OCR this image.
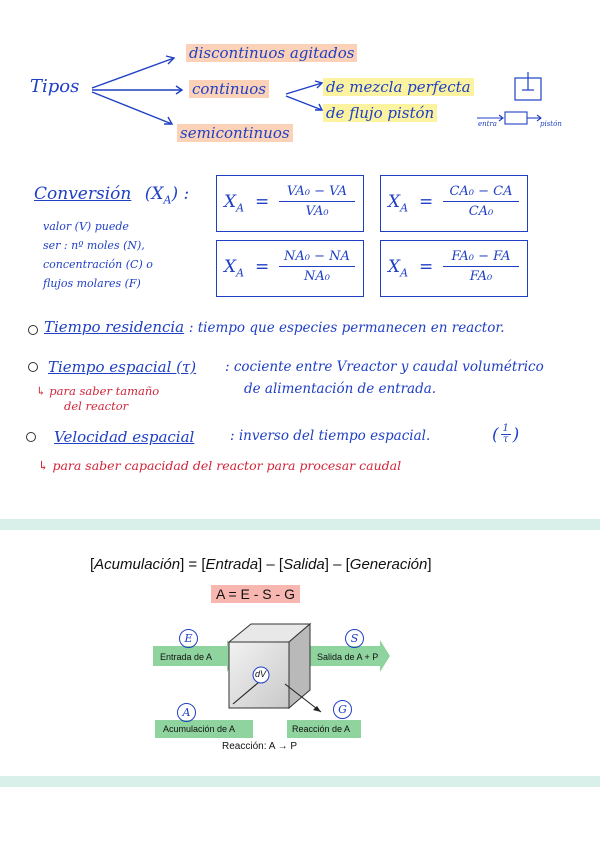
Tipos
discontinuos agitados
continuos
semicontinuos
de mezcla perfecta
de flujo pistón
entra	pistón
Conversión $(X_A)$ :
valor (V) puede
ser : nº moles (N),
concentración (C) o
flujos molares (F)
$X_A$ =
VA₀ − VA
VA₀	$X_A$ =
CA₀ − CA
CA₀
$X_A$ =
NA₀ − NA
NA₀	$X_A$ =
FA₀ − FA
FA₀
Tiempo residencia : tiempo que especies permanecen en reactor.
Tiempo espacial (τ) : cociente entre Vreactor y caudal volumétrico
de alimentación de entrada.
↳ para saber tamaño
del reactor
Velocidad espacial	: inverso del tiempo espacial.	( 1
τ )
↳ para saber capacidad del reactor para procesar caudal
[Acumulación] = [Entrada] – [Salida] – [Generación]
A = E - S - G
dV
E	S
A	G
Entrada de A	Salida de A + P
Acumulación de A	Reacción de A
Reacción: A → P
